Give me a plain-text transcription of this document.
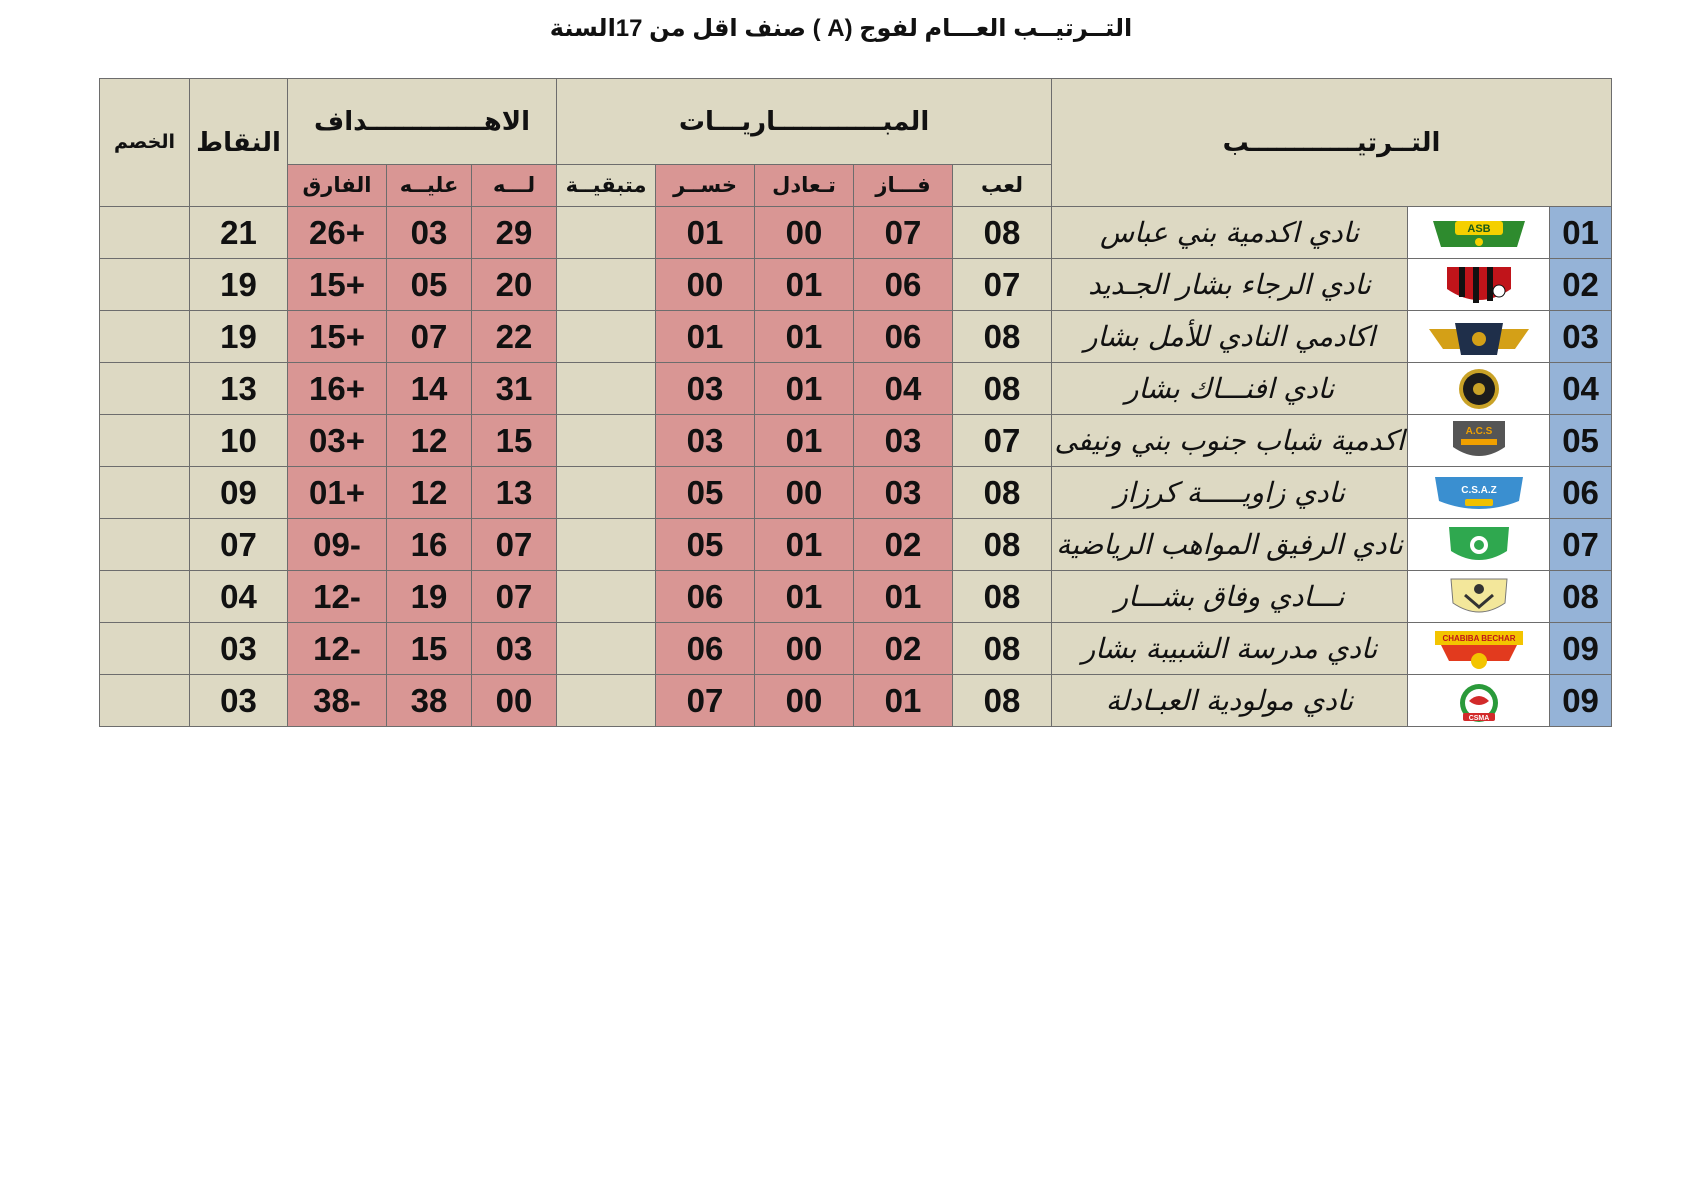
التــرتيــب العـــام لفوج (A ) صنف اقل من 17السنة
التــرتيــــــــــــب			المبــــــــــــاريـــات					الاهـــــــــــــداف			النقاط	الخصم
			لعب	فـــاز	تـعادل	خســر	متبقيــة	لـــه	عليــه	الفارق		
01	ASB	نادي اكدمية بني عباس	08	07	00	01		29	03	+26	21	
02		نادي الرجاء بشار الجـديد	07	06	01	00		20	05	+15	19	
03		اكادمي النادي للأمل بشار	08	06	01	01		22	07	+15	19	
04		نادي افنـــاك بشار	08	04	01	03		31	14	+16	13	
05	A.C.S	اكدمية شباب جنوب بني ونيفى	07	03	01	03		15	12	+03	10	
06	C.S.A.Z	نادي زاويـــــة كرزاز	08	03	00	05		13	12	+01	09	
07		نادي الرفيق المواهب الرياضية	08	02	01	05		07	16	-09	07	
08		نـــادي وفاق بشـــار	08	01	01	06		07	19	-12	04	
09	CHABIBA BECHAR	نادي مدرسة الشبيبة بشار	08	02	00	06		03	15	-12	03	
09	CSMA	نادي مولودية العبـادلة	08	01	00	07		00	38	-38	03	
